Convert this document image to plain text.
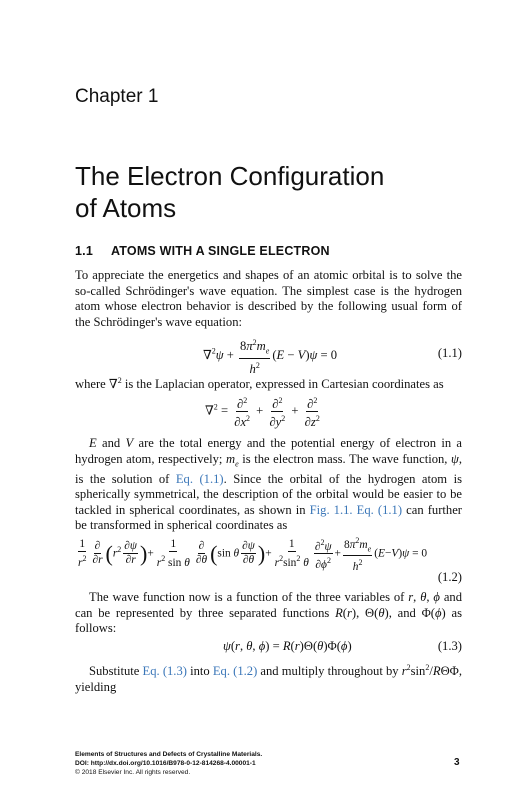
Chapter 1
The Electron Configuration
of Atoms
1.1 ATOMS WITH A SINGLE ELECTRON
To appreciate the energetics and shapes of an atomic orbital is to solve the so-called Schrödinger's wave equation. The simplest case is the hydrogen atom whose electron behavior is described by the following usual form of the Schrödinger's wave equation:
$\nabla^2\psi + \frac{8\pi^2m_e}{h^2} (E - V)\psi = 0$	(1.1)
where ∇$^2$ is the Laplacian operator, expressed in Cartesian coordinates as
$\nabla^2 = \frac{\partial^2}{\partial x^2} + \frac{\partial^2}{\partial y^2} + \frac{\partial^2}{\partial z^2}$
E and V are the total energy and the potential energy of electron in a hydrogen atom, respectively; $m_e$ is the electron mass. The wave function, ψ, is the solution of Eq. (1.1). Since the orbital of the hydrogen atom is spherically symmetrical, the description of the orbital would be easier to be tackled in spherical coordinates, as shown in Fig. 1.1. Eq. (1.1) can further be transformed in spherical coordinates as
$\frac{1}{r^2} \frac{\partial}{\partial r} (r^2 \frac{\partial\psi}{\partial r}$ )+ $\frac{1}{r^2 \sin \theta} \frac{\partial}{\partial\theta} (\sin$ θ $\frac{\partial\psi}{\partial\theta}$ )+ $\frac{1}{r^2\sin^2 \theta} \frac{\partial^2\psi}{\partial\phi^2} + \frac{8\pi^2m_e}{h^2} (E-V)\psi = 0$
(1.2)
The wave function now is a function of the three variables of r, θ, ϕ and can be represented by three separated functions R(r), Θ(θ), and Φ(ϕ) as follows:
ψ(r, θ, ϕ) = R(r)Θ(θ)Φ(ϕ)	(1.3)
Substitute Eq. (1.3) into Eq. (1.2) and multiply throughout by $r^2\sin^2$/RΘΦ, yielding
Elements of Structures and Defects of Crystalline Materials.
DOI: http://dx.doi.org/10.1016/B978-0-12-814268-4.00001-1
© 2018 Elsevier Inc. All rights reserved.
3
